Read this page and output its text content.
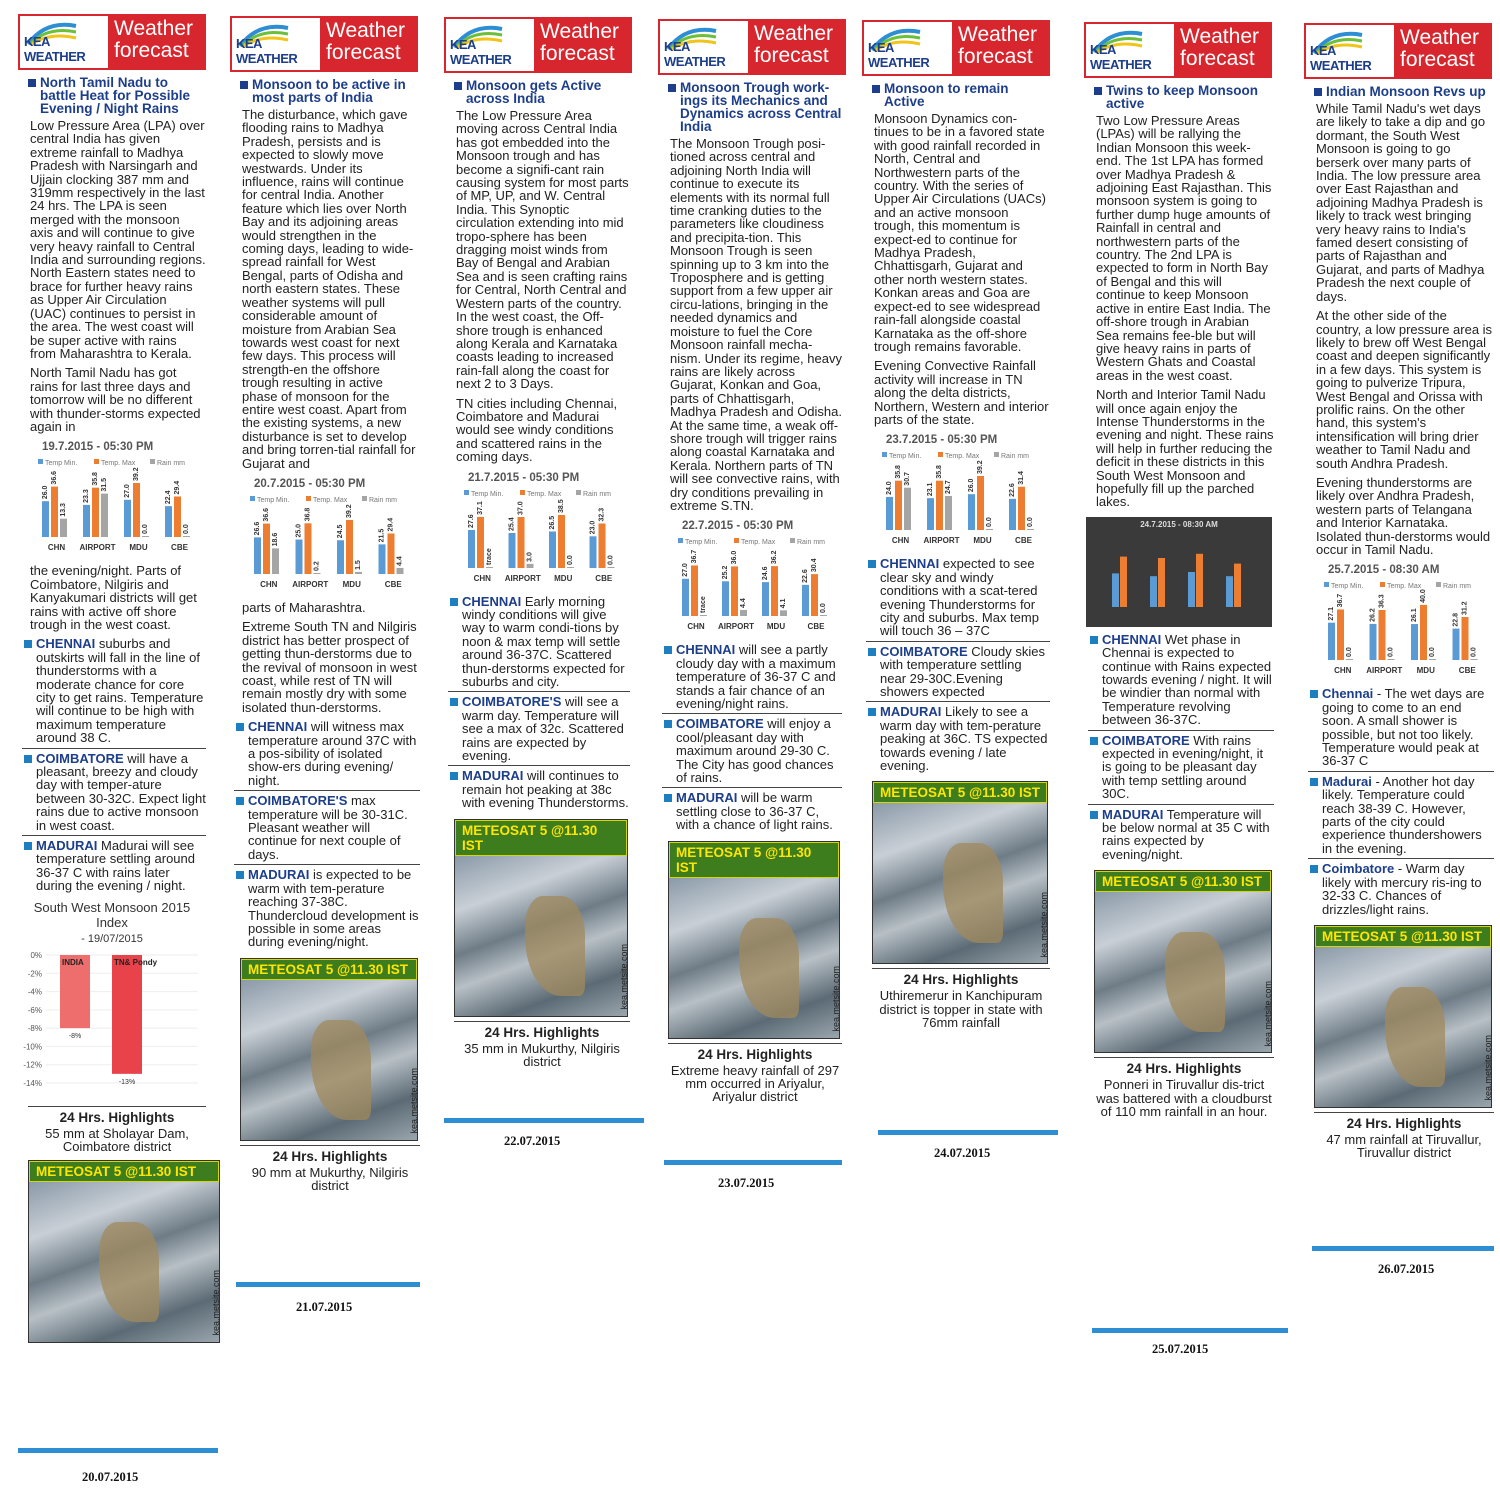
KEA WEATHER
Weather
forecast
North Tamil Nadu to battle Heat for Possible Evening / Night Rains
Low Pressure Area (LPA) over central India has given extreme rainfall to Madhya Pradesh with Narsingarh and Ujjain clocking 387 mm and 319mm respectively in the last 24 hrs. The LPA is seen merged with the monsoon axis and will continue to give very heavy rainfall to Central India and surrounding regions. North Eastern states need to brace for further heavy rains as Upper Air Circulation (UAC) continues to persist in the area. The west coast will be super active with rains from Maharashtra to Kerala.
North Tamil Nadu has got rains for last three days and tomorrow will be no different with thunder-storms expected again in
19.7.2015 - 05:30 PM
Temp Min.	Temp. Max	Rain mm
26.0
36.6
13.3
CHN
23.3
35.8 31.5
AIRPORT
27.0
39.2
0.0
MDU
22.4
29.4
0.0
CBE
the evening/night. Parts of Coimbatore, Nilgiris and Kanyakumari districts will get rains with active off shore trough in the west coast.
CHENNAI suburbs and outskirts will fall in the line of thunderstorms with a moderate chance for core city to get rains. Temperature will continue to be high with maximum temperature around 38 C.
COIMBATORE will have a pleasant, breezy and cloudy day with temper-ature between 30-32C. Expect light rains due to active monsoon in west coast.
MADURAI Madurai will see temperature settling around 36-37 C with rains later during the evening / night.
South West Monsoon 2015 Index
- 19/07/2015
0%
-2%
-4%
-6%
-8%
-10%
-12%
-14%
INDIA
-8%
TN& Pondy
-13%
24 Hrs. Highlights
55 mm at Sholayar Dam, Coimbatore district
METEOSAT 5 @11.30 IST
kea.metsite.com
20.07.2015
KEA WEATHER
Weather
forecast
Monsoon to be active in most parts of India
The disturbance, which gave flooding rains to Madhya Pradesh, persists and is expected to slowly move westwards. Under its influence, rains will continue for central India. Another feature which lies over North Bay and its adjoining areas would strengthen in the coming days, leading to wide-spread rainfall for West Bengal, parts of Odisha and north eastern states. These weather systems will pull considerable amount of moisture from Arabian Sea towards west coast for next few days. This process will strength-en the offshore trough resulting in active phase of monsoon for the entire west coast. Apart from the existing systems, a new disturbance is set to develop and bring torren-tial rainfall for Gujarat and
20.7.2015 - 05:30 PM
Temp Min.	Temp. Max	Rain mm
26.6
36.6
18.6
CHN
25.0
36.8
0.2
AIRPORT
24.5
39.2
1.5
MDU
21.5
29.4
4.4
CBE
parts of Maharashtra.
Extreme South TN and Nilgiris district has better prospect of getting thun-derstorms due to the revival of monsoon in west coast, while rest of TN will remain mostly dry with some isolated thun-derstorms.
CHENNAI will witness max temperature around 37C with a pos-sibility of isolated show-ers during evening/ night.
COIMBATORE'S max temperature will be 30-31C. Pleasant weather will continue for next couple of days.
MADURAI is expected to be warm with tem-perature reaching 37-38C. Thundercloud development is possible in some areas during evening/night.
METEOSAT 5 @11.30 IST
kea.metsite.com
24 Hrs. Highlights
90 mm at Mukurthy, Nilgiris district
21.07.2015
KEA WEATHER
Weather
forecast
Monsoon gets Active across India
The Low Pressure Area moving across Central India has got embedded into the Monsoon trough and has become a signifi-cant rain causing system for most parts of MP, UP, and W. Central India. This Synoptic circulation extending into mid tropo-sphere has been dragging moist winds from Bay of Bengal and Arabian Sea and is seen crafting rains for Central, North Central and Western parts of the country. In the west coast, the Off-shore trough is enhanced along Kerala and Karnataka coasts leading to increased rain-fall along the coast for next 2 to 3 Days.
TN cities including Chennai, Coimbatore and Madurai would see windy conditions and scattered rains in the coming days.
21.7.2015 - 05:30 PM
Temp Min.	Temp. Max	Rain mm
27.6
37.1
trace
CHN
25.4
37.0
3.0
AIRPORT
26.5
38.5
0.0
MDU
23.0
32.3
0.0
CBE
CHENNAI Early morning windy conditions will give way to warm condi-tions by noon & max temp will settle around 36-37C. Scattered thun-derstorms expected for suburbs and city.
COIMBATORE'S will see a warm day. Temperature will see a max of 32c. Scattered rains are expected by evening.
MADURAI will continues to remain hot peaking at 38c with evening Thunderstorms.
METEOSAT 5 @11.30 IST
kea.metsite.com
24 Hrs. Highlights
35 mm in Mukurthy, Nilgiris district
22.07.2015
KEA WEATHER
Weather
forecast
Monsoon Trough work-ings its Mechanics and Dynamics across Central India
The Monsoon Trough posi-tioned across central and adjoining North India will continue to execute its elements with its normal full time cranking duties to the parameters like cloudiness and precipita-tion. This Monsoon Trough is seen spinning up to 3 km into the Troposphere and is getting support from a few upper air circu-lations, bringing in the needed dynamics and moisture to fuel the Core Monsoon rainfall mecha-nism. Under its regime, heavy rains are likely across Gujarat, Konkan and Goa, parts of Chhattisgarh, Madhya Pradesh and Odisha. At the same time, a weak off-shore trough will trigger rains along coastal Karnataka and Kerala. Northern parts of TN will see convective rains, with dry conditions prevailing in extreme S.TN.
22.7.2015 - 05:30 PM
Temp Min.	Temp. Max	Rain mm
27.0
36.7
trace
CHN
25.2
36.0
4.4
AIRPORT
24.6
36.2
4.1
MDU
22.6
30.4
0.0
CBE
CHENNAI will see a partly cloudy day with a maximum temperature of 36-37 C and stands a fair chance of an evening/night rains.
COIMBATORE will enjoy a cool/pleasant day with maximum around 29-30 C. The City has good chances of rains.
MADURAI will be warm settling close to 36-37 C, with a chance of light rains.
METEOSAT 5 @11.30 IST
kea.metsite.com
24 Hrs. Highlights
Extreme heavy rainfall of 297 mm occurred in Ariyalur, Ariyalur district
23.07.2015
KEA WEATHER
Weather
forecast
Monsoon to remain Active
Monsoon Dynamics con-tinues to be in a favored state with good rainfall recorded in North, Central and Northwestern parts of the country. With the series of Upper Air Circulations (UACs) and an active monsoon trough, this momentum is expect-ed to continue for Madhya Pradesh, Chhattisgarh, Gujarat and other north western states. Konkan areas and Goa are expect-ed to see widespread rain-fall alongside coastal Karnataka as the off-shore trough remains favorable.
Evening Convective Rainfall activity will increase in TN along the delta districts, Northern, Western and interior parts of the state.
23.7.2015 - 05:30 PM
Temp Min.	Temp. Max	Rain mm
24.0
35.8
30.7
CHN
23.1
35.8
24.7
AIRPORT
26.0
39.2
0.0
MDU
22.6
31.4
0.0
CBE
CHENNAI expected to see clear sky and windy conditions with a scat-tered evening Thunderstorms for city and suburbs. Max temp will touch 36 – 37C
COIMBATORE Cloudy skies with temperature settling near 29-30C.Evening showers expected
MADURAI Likely to see a warm day with tem-perature peaking at 36C. TS expected towards evening / late evening.
METEOSAT 5 @11.30 IST
kea.metsite.com
24 Hrs. Highlights
Uthiremerur in Kanchipuram district is topper in state with 76mm rainfall
24.07.2015
KEA WEATHER
Weather
forecast
Twins to keep Monsoon active
Two Low Pressure Areas (LPAs) will be rallying the Indian Monsoon this week-end. The 1st LPA has formed over Madhya Pradesh & adjoining East Rajasthan. This monsoon system is going to further dump huge amounts of Rainfall in central and northwestern parts of the country. The 2nd LPA is expected to form in North Bay of Bengal and this will continue to keep Monsoon active in entire East India. The off-shore trough in Arabian Sea remains fee-ble but will give heavy rains in parts of Western Ghats and Coastal areas in the west coast.
North and Interior Tamil Nadu will once again enjoy the Intense Thunderstorms in the evening and night. These rains will help in further reducing the deficit in these districts in this South West Monsoon and hopefully fill up the parched lakes.
24.7.2015 - 08:30 AM
CHENNAI Wet phase in Chennai is expected to continue with Rains expected towards evening / night. It will be windier than normal with Temperature revolving between 36-37C.
COIMBATORE With rains expected in evening/night, it is going to be pleasant day with temp settling around 30C.
MADURAI Temperature will be below normal at 35 C with rains expected by evening/night.
METEOSAT 5 @11.30 IST
kea.metsite.com
24 Hrs. Highlights
Ponneri in Tiruvallur dis-trict was battered with a cloudburst of 110 mm rainfall in an hour.
25.07.2015
KEA WEATHER
Weather
forecast
Indian Monsoon Revs up
While Tamil Nadu's wet days are likely to take a dip and go dormant, the South West Monsoon is going to go berserk over many parts of India. The low pressure area over East Rajasthan and adjoining Madhya Pradesh is likely to track west bringing very heavy rains to India's famed desert consisting of parts of Rajasthan and Gujarat, and parts of Madhya Pradesh the next couple of days.
At the other side of the country, a low pressure area is likely to brew off West Bengal coast and deepen significantly in a few days. This system is going to pulverize Tripura, West Bengal and Orissa with prolific rains. On the other hand, this system's intensification will bring drier weather to Tamil Nadu and south Andhra Pradesh.
Evening thunderstorms are likely over Andhra Pradesh, western parts of Telangana and Interior Karnataka. Isolated thun-derstorms would occur in Tamil Nadu.
25.7.2015 - 08:30 AM
Temp Min.	Temp. Max	Rain mm
27.1
36.7
0.0
CHN
26.2
36.3
0.0
AIRPORT
26.1
40.0
0.0
MDU
22.8
31.2
0.0
CBE
Chennai - The wet days are going to come to an end soon. A small shower is possible, but not too likely. Temperature would peak at 36-37 C
Madurai - Another hot day likely. Temperature could reach 38-39 C. However, parts of the city could experience thundershowers in the evening.
Coimbatore - Warm day likely with mercury ris-ing to 32-33 C. Chances of drizzles/light rains.
METEOSAT 5 @11.30 IST
kea.metsite.com
24 Hrs. Highlights
47 mm rainfall at Tiruvallur, Tiruvallur district
26.07.2015
